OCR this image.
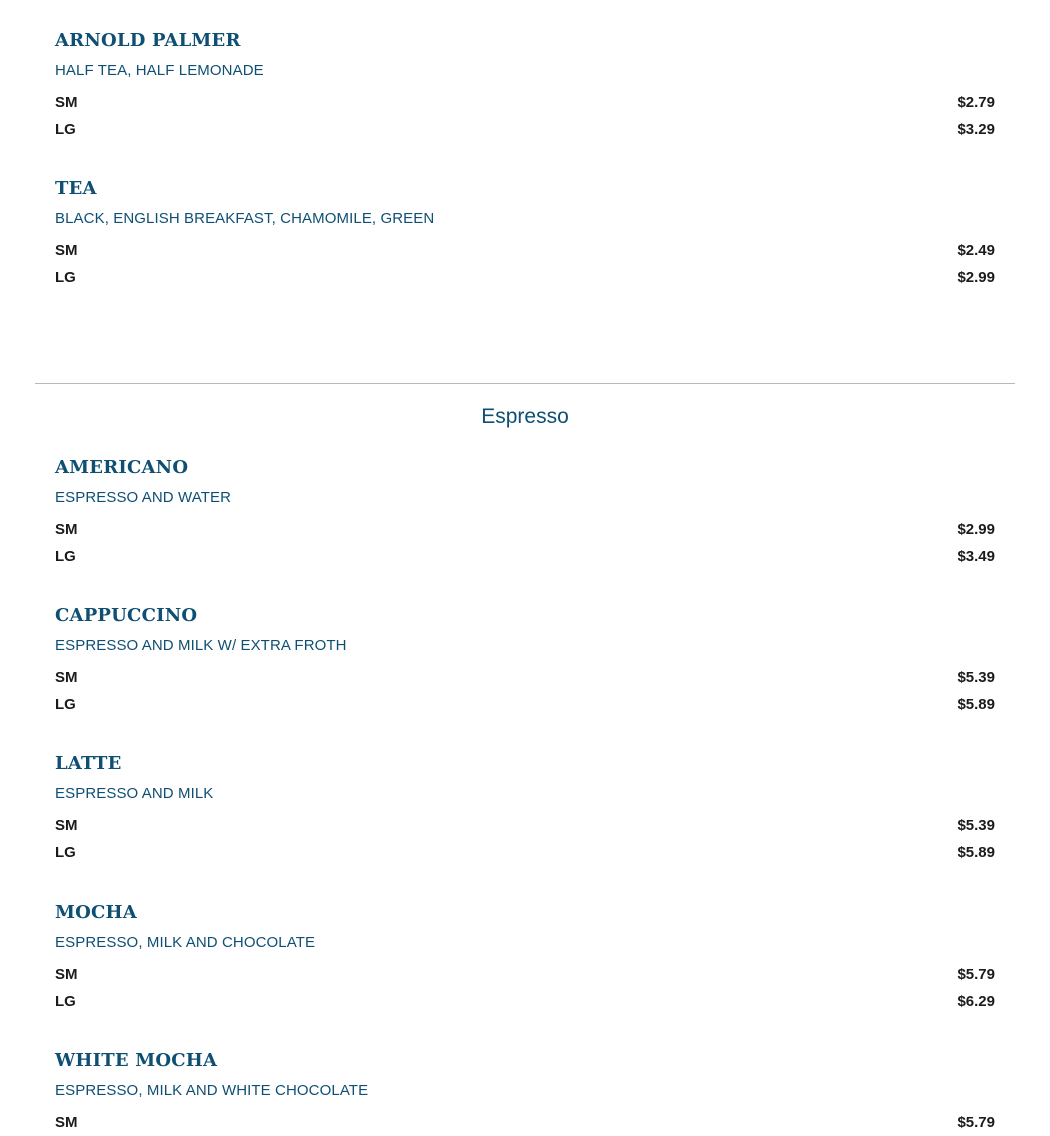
ARNOLD PALMER
HALF TEA, HALF LEMONADE
SM	$2.79
LG	$3.29
TEA
BLACK, ENGLISH BREAKFAST, CHAMOMILE, GREEN
SM	$2.49
LG	$2.99
Espresso
AMERICANO
ESPRESSO AND WATER
SM	$2.99
LG	$3.49
CAPPUCCINO
ESPRESSO AND MILK W/ EXTRA FROTH
SM	$5.39
LG	$5.89
LATTE
ESPRESSO AND MILK
SM	$5.39
LG	$5.89
MOCHA
ESPRESSO, MILK AND CHOCOLATE
SM	$5.79
LG	$6.29
WHITE MOCHA
ESPRESSO, MILK AND WHITE CHOCOLATE
SM	$5.79
